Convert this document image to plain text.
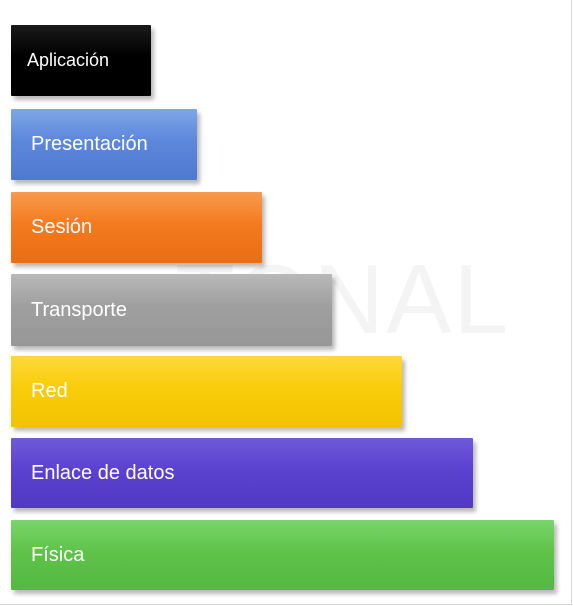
Aplicación
Presentación
Sesión
Transporte
Red
Enlace de datos
Física
